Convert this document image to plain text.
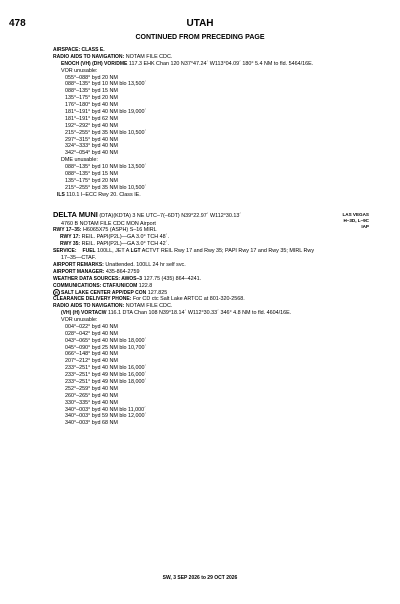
478	UTAH
CONTINUED FROM PRECEDING PAGE
AIRSPACE: CLASS E.
RADIO AIDS TO NAVIGATION: NOTAM FILE CDC.
ENOCH (VH) (DH) VOR/DME 117.3 EHK Chan 120 N37°47.24´ W113°04.09´ 180° 5.4 NM to fld. 5464/16E.
VOR unusable:
055°–088° byd 20 NM
088°–135° byd 10 NM blo 13,500´
088°–135° byd 15 NM
135°–175° byd 20 NM
176°–180° byd 40 NM
181°–191° byd 40 NM blo 19,000´
181°–191° byd 62 NM
192°–292° byd 40 NM
215°–255° byd 35 NM blo 10,500´
297°–315° byd 40 NM
324°–333° byd 40 NM
342°–054° byd 40 NM
DME unusable:
088°–135° byd 10 NM blo 13,500´
088°–135° byd 15 NM
135°–175° byd 20 NM
215°–255° byd 35 NM blo 10,500´
ILS 110.1 I–ECC Rwy 20. Class IE.
LAS VEGAS
H–3D, L–9C
IAP
DELTA MUNI (DTA)(KDTA) 3 NE UTC–7(–6DT) N39°22.97´ W112°30.13´
4760 B NOTAM FILE CDC MON Airport
RWY 17–35: H6065X75 (ASPH) S–16 MIRL
RWY 17: REIL. PAPI(P2L)—GA 3.0° TCH 48´.
RWY 35: REIL. PAPI(P2L)—GA 3.0° TCH 42´.
SERVICE: FUEL 100LL, JET A LGT ACTVT REIL Rwy 17 and Rwy 35; PAPI Rwy 17 and Rwy 35; MIRL Rwy
17–35—CTAF.
AIRPORT REMARKS: Unattended. 100LL 24 hr self svc.
AIRPORT MANAGER: 435-864-2759
WEATHER DATA SOURCES: AWOS–3 127.75 (435) 864–4241.
COMMUNICATIONS: CTAF/UNICOM 122.8
R SALT LAKE CENTER APP/DEP CON 127.825
CLEARANCE DELIVERY PHONE: For CD ctc Salt Lake ARTCC at 801-320-2568.
RADIO AIDS TO NAVIGATION: NOTAM FILE CDC.
(VH) (H) VORTACW 116.1 DTA Chan 108 N39°18.14´ W112°30.33´ 346° 4.8 NM to fld. 4604/16E.
VOR unusable:
004°–022° byd 40 NM
028°–042° byd 40 NM
043°–065° byd 40 NM blo 18,000´
045°–090° byd 25 NM blo 10,700´
066°–148° byd 40 NM
207°–212° byd 40 NM
233°–251° byd 40 NM blo 16,000´
233°–251° byd 49 NM blo 16,000´
233°–251° byd 49 NM blo 18,000´
252°–259° byd 40 NM
260°–265° byd 40 NM
330°–335° byd 40 NM
340°–003° byd 40 NM blo 11,000´
340°–003° byd 59 NM blo 12,000´
340°–003° byd 68 NM
SW, 3 SEP 2026 to 29 OCT 2026
